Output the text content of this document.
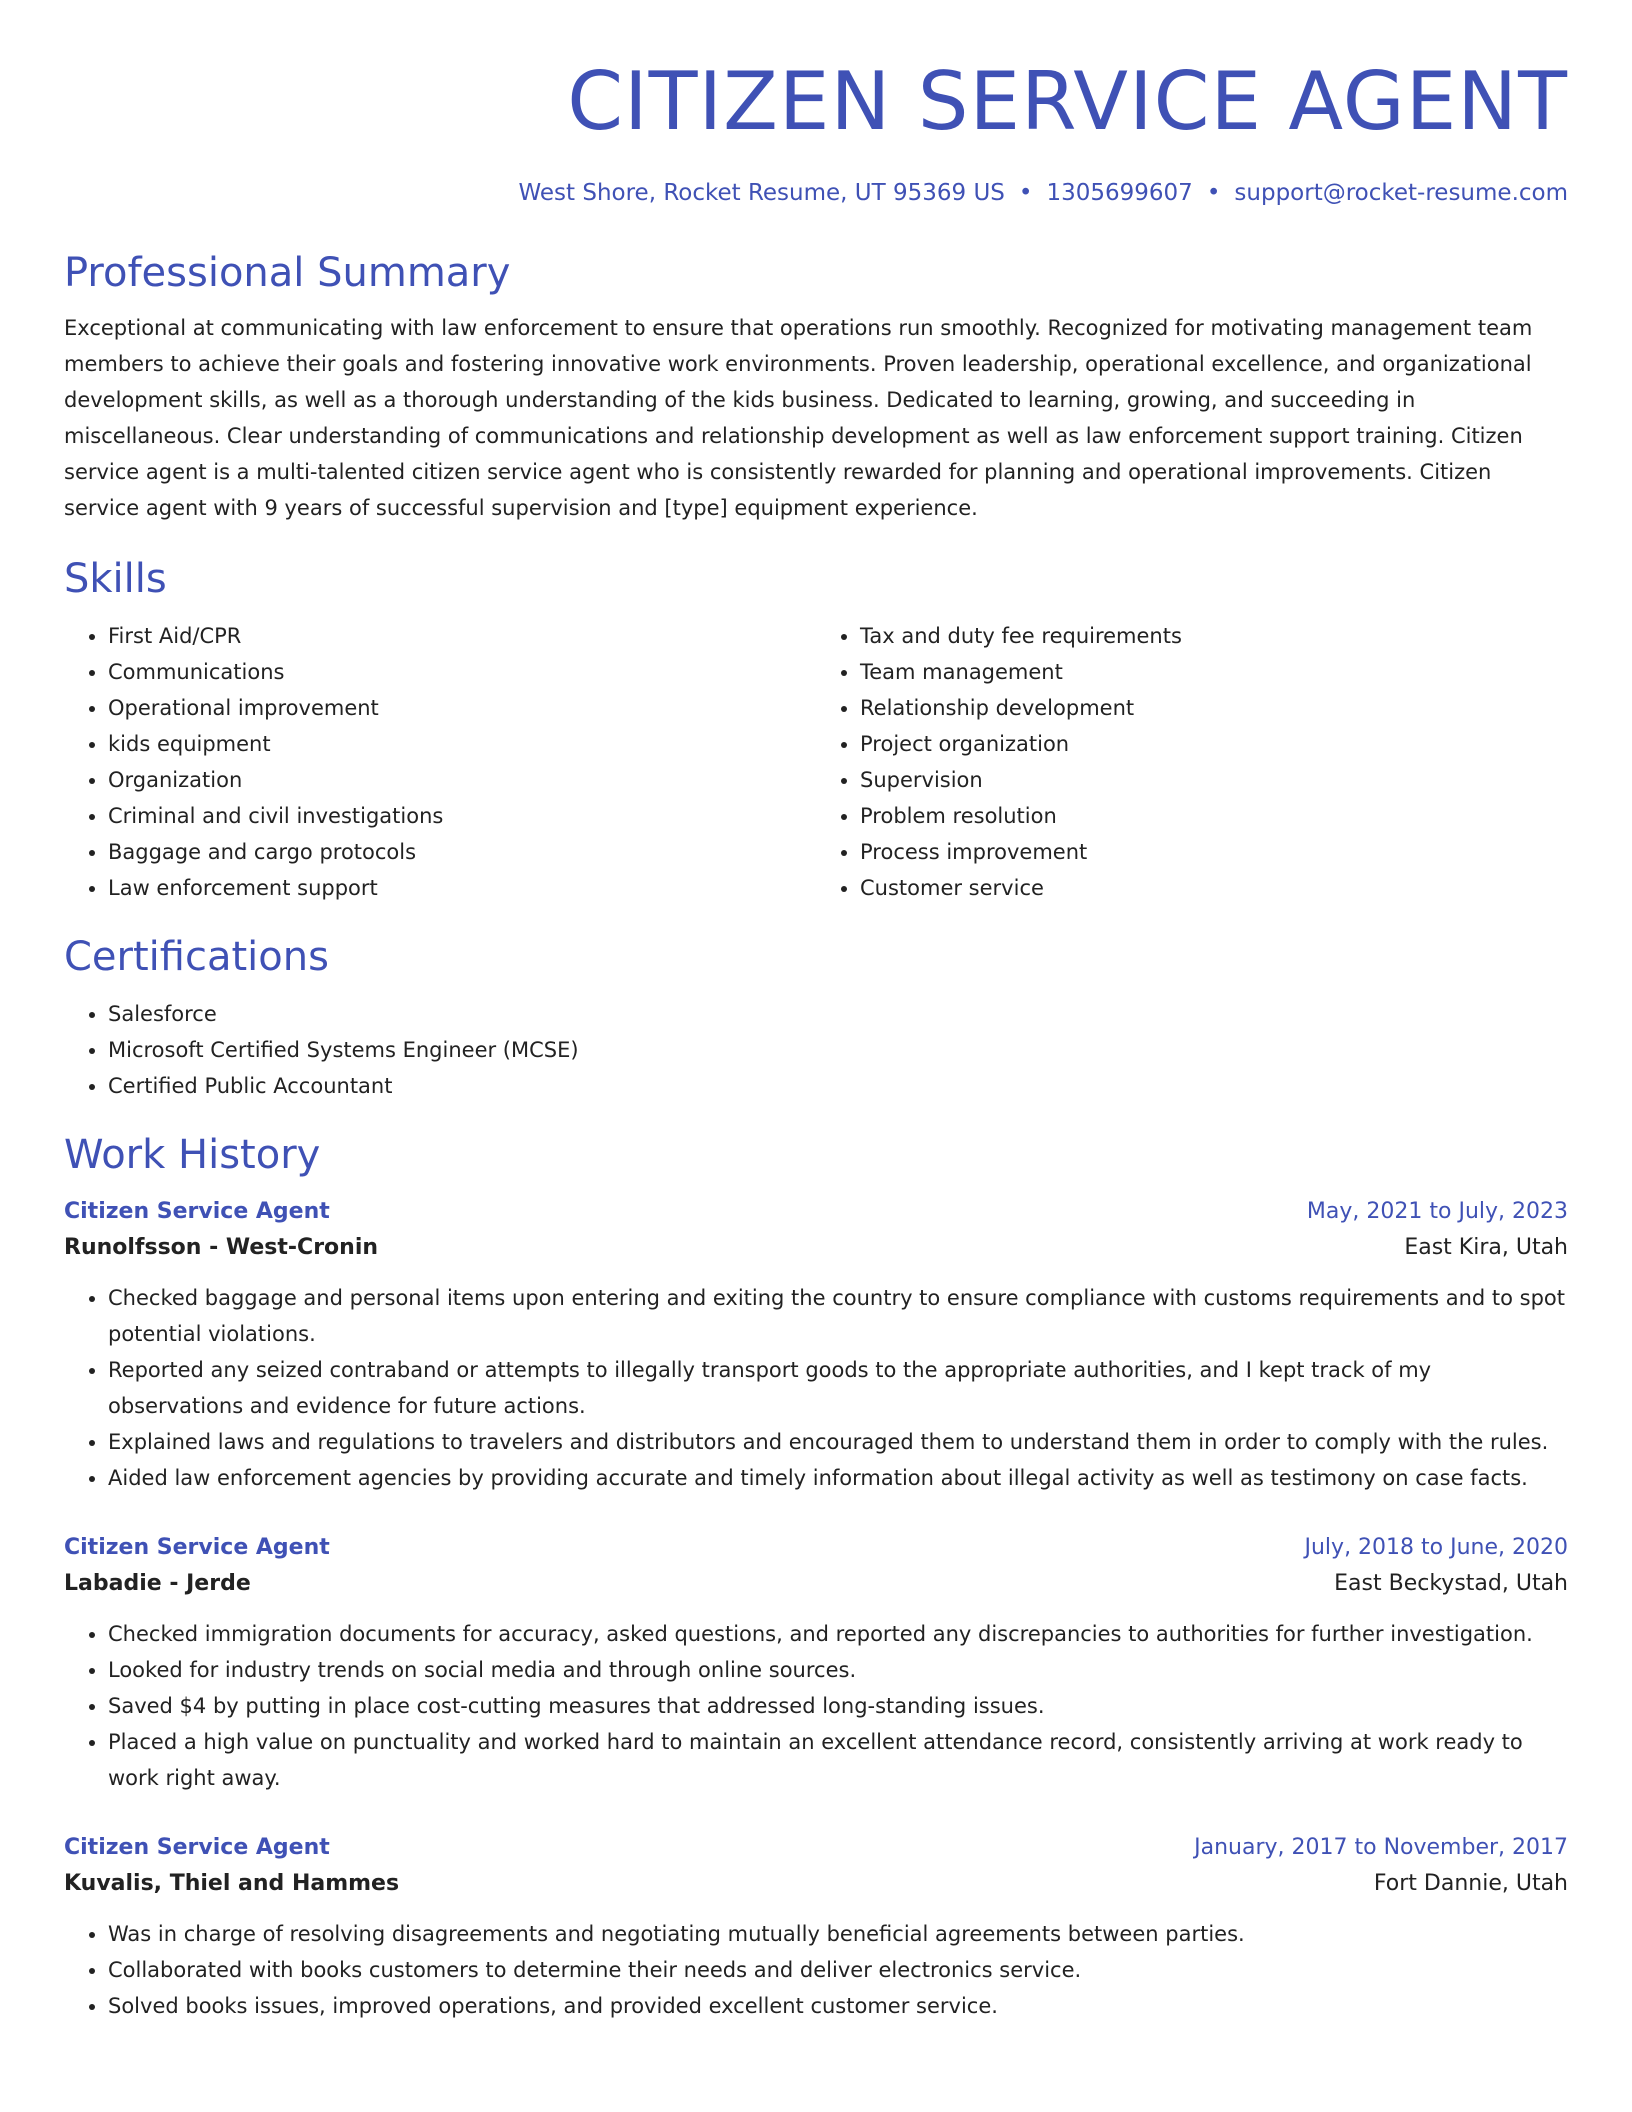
CITIZEN SERVICE AGENT
West Shore, Rocket Resume, UT 95369 US • 1305699607 • support@rocket-resume.com
Professional Summary
Exceptional at communicating with law enforcement to ensure that operations run smoothly. Recognized for motivating management team members to achieve their goals and fostering innovative work environments. Proven leadership, operational excellence, and organizational development skills, as well as a thorough understanding of the kids business. Dedicated to learning, growing, and succeeding in miscellaneous. Clear understanding of communications and relationship development as well as law enforcement support training. Citizen service agent is a multi-talented citizen service agent who is consistently rewarded for planning and operational improvements. Citizen service agent with 9 years of successful supervision and [type] equipment experience.
Skills
• First Aid/CPR
• Communications
• Operational improvement
• kids equipment
• Organization
• Criminal and civil investigations
• Baggage and cargo protocols
• Law enforcement support
• Tax and duty fee requirements
• Team management
• Relationship development
• Project organization
• Supervision
• Problem resolution
• Process improvement
• Customer service
Certifications
• Salesforce
• Microsoft Certified Systems Engineer (MCSE)
• Certified Public Accountant
Work History
Citizen Service Agent	May, 2021 to July, 2023
Runolfsson - West-Cronin	East Kira, Utah
• Checked baggage and personal items upon entering and exiting the country to ensure compliance with customs requirements and to spot potential violations.
• Reported any seized contraband or attempts to illegally transport goods to the appropriate authorities, and I kept track of my observations and evidence for future actions.
• Explained laws and regulations to travelers and distributors and encouraged them to understand them in order to comply with the rules.
• Aided law enforcement agencies by providing accurate and timely information about illegal activity as well as testimony on case facts.
Citizen Service Agent	July, 2018 to June, 2020
Labadie - Jerde	East Beckystad, Utah
• Checked immigration documents for accuracy, asked questions, and reported any discrepancies to authorities for further investigation.
• Looked for industry trends on social media and through online sources.
• Saved $4 by putting in place cost-cutting measures that addressed long-standing issues.
• Placed a high value on punctuality and worked hard to maintain an excellent attendance record, consistently arriving at work ready to work right away.
Citizen Service Agent	January, 2017 to November, 2017
Kuvalis, Thiel and Hammes	Fort Dannie, Utah
• Was in charge of resolving disagreements and negotiating mutually beneficial agreements between parties.
• Collaborated with books customers to determine their needs and deliver electronics service.
• Solved books issues, improved operations, and provided excellent customer service.
